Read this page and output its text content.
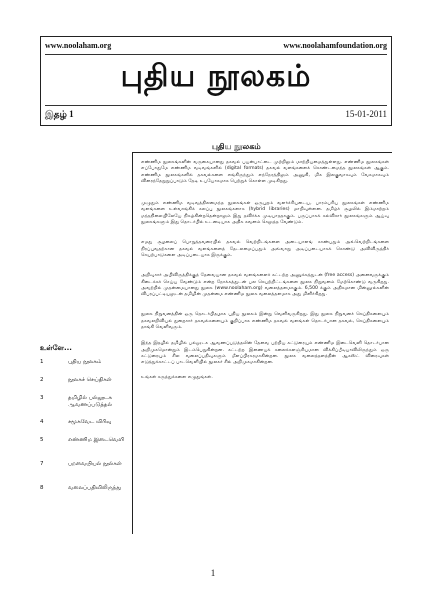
www.noolaham.org	www.noolahamfoundation.org
புதிய நூலகம்
இதழ் 1	15-01-2011
புதிய நூலகம்

எண்ணிம நூலகங்களின் வருகையானது தகவல் பயன்பாட்டை முற்றிலும் மாற்றியமைத்துள்ளது. எண்ணிம நூலகங்கள் எப்போதுமே எண்ணிம வடிவங்களில் (digital formats) தகவல் வளங்களைக் கொண்டமைந்த நூலகங்கள் ஆகும். எண்ணிம நூலகங்களில் தகவல்களை எங்கிருந்தும் எந்நேரத்திலும் அணுகி, மிக இலகுவாகவும் வேகமாகவும் விரைந்தேறுறுப்பாடும் தேடி உபயோகமாக பெற்றுக் கொள்ள முடிகிறது.

முழுதும் எண்ணிம வடிவத்திலமைந்த நூலகங்கள் ஒருபுறம் வளர்ச்சியடைய, பாரம்பரிய நூலகங்கள் எண்ணிம வளங்களை உள்வாங்கிக் கலப்பு நூலகங்களாக (hybrid libraries) மாறிவுள்ளன. தமிழ்ச் சூழலில் இம்மாற்றம் மந்தநிலையிலேயே நிகழ்கின்றதென்றாலும் இது தவிர்க்க முடியாததாகும். பருப்பாகக் கல்விசார் நூலகங்களும் ஆய்வு நூலகங்களும் இது தொடர்பில் உடனடியாக அதிக கவனம் செலுத்த வேண்டும்.

எமது சூழலைப் பொறுத்தவரையில் தகவல் வெற்றிடங்களை அடையாளங் காண்பதும் அவ்வெற்றிடங்களை நிரப்புவதற்கான தகவல் வளங்களைத் தேடலமைப்பதும் அவ்வாறு அடிப்படையாகக் கொண்டு அவிவிருத்திச் செயற்பாடுகளை அடிப்படையாக இருக்கும்.

அறிவுசார் அபிவிருத்திக்குத் தேவையான தகவல் வளங்களைச் சுட்டற்ற அணுக்கத்துடன் (free access) அனைவருக்கும் கிடைக்கச் செய்ய வேண்டும் என்ற நோக்கத்துடன் பல செயற்றிட்டங்களை நூலக நிறுவனம் மேற்கொண்டு வருகிறது. அவற்றில் முதன்மையானது நூலக (www.noolaham.org) வலைத்தளமாகும். 6,500 க்கும் அதிகமான மின்னூல்களின் விபரப்பட்டியலுடன் தமிழின் முதன்மை எண்ணிம நூலக வலைத்தளமாக அது மிளிர்கிறது.

நூலக நிறுவனத்தின் ஒரு தொடர்பிதழாக புதிய நூலகம் இன்று வெளிவருகிறது. இது நூலக நிறுவனச் செய்திகளையும் தகவலறிவியல் துறைசார் தகவல்களையும் குறிப்பாக எண்ணிம தகவல் வளங்கள் தொடர்பான தகவல், செய்திகளையும் தாங்கி வெளிவரும்.

இந்த இதழில் தமிழில் பல்லூடக ஆவணப்படுத்தலின் தேவை பற்றிய கட்டுரையும் எண்ணிம இடைவெளி தொடர்பான அறிமுகமொன்றும் இடம்பெறுகின்றன. கட்டற்ற இணையக் கலைக்களஞ்சியமான விக்கிப்பீடியாவிலிருந்தும் ஒரு கட்டுரையும் சில வலைப்பதிவுகளும் மீளப்பிரசுரமாகின்றன. நூலக வலைத்தளத்தின் ஆகஸ்ட் விரைவுகள் எடுத்துக்காட்டப் பாடவெளியில் நூலகர் சில் அறிமுகமாகின்றன.

உங்கள் கருத்துக்களை எழுதுங்கள்.

உள்ளே...
1	புதிய நூலகம்
2	நூலகச் செய்திகள்
3	தமிழில் பல்லூடக ஆவணப்படுத்தல்
4	சமூகவேட விரிவு
5	எண்ணிம இடைவெளி
7	பறவையியல் நூல்கள்
8	வலைப்பதிவிலிருந்து
1
